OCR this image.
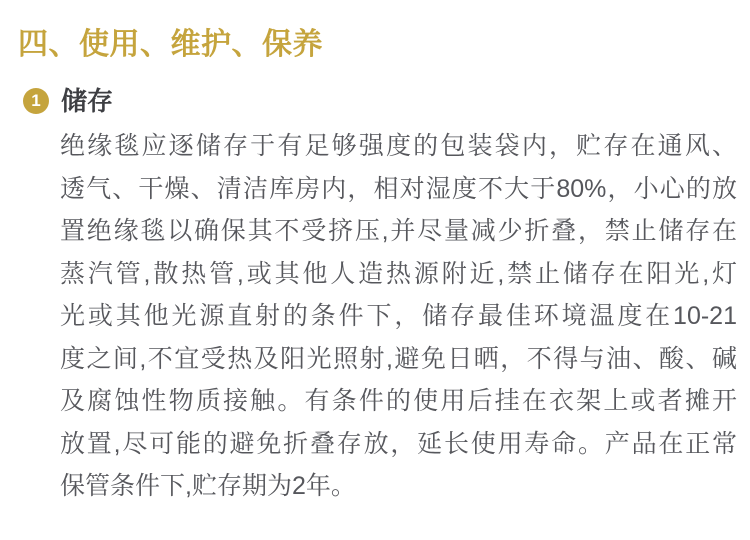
四、使用、维护、保养
1 储存

绝缘毯应逐储存于有足够强度的包装袋内，贮存在通风、

透气、干燥、清洁库房内，相对湿度不大于80%，小心的放

置绝缘毯以确保其不受挤压,并尽量减少折叠，禁止储存在

蒸汽管,散热管,或其他人造热源附近,禁止储存在阳光,灯

光或其他光源直射的条件下，储存最佳环境温度在10-21

度之间,不宜受热及阳光照射,避免日晒，不得与油、酸、碱

及腐蚀性物质接触。有条件的使用后挂在衣架上或者摊开

放置,尽可能的避免折叠存放，延长使用寿命。产品在正常

保管条件下,贮存期为2年。
